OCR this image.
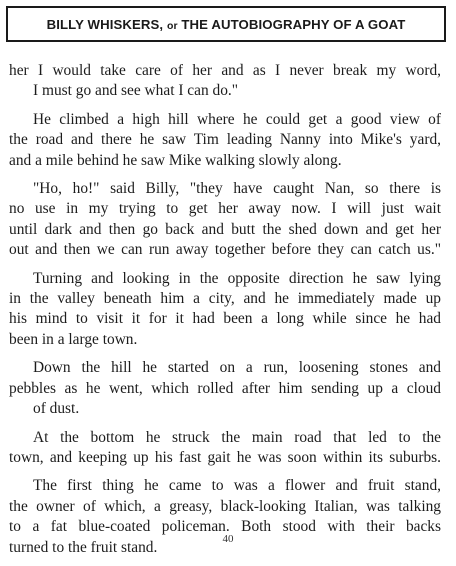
BILLY WHISKERS, or THE AUTOBIOGRAPHY OF A GOAT
her I would take care of her and as I never break my word,
I must go and see what I can do."
He climbed a high hill where he could get a good view of
the road and there he saw Tim leading Nanny into Mike's yard,
and a mile behind he saw Mike walking slowly along.
"Ho, ho!" said Billy, "they have caught Nan, so there is
no use in my trying to get her away now. I will just wait
until dark and then go back and butt the shed down and get her
out and then we can run away together before they can catch us."
Turning and looking in the opposite direction he saw lying
in the valley beneath him a city, and he immediately made up
his mind to visit it for it had been a long while since he had
been in a large town.
Down the hill he started on a run, loosening stones and
pebbles as he went, which rolled after him sending up a cloud
of dust.
At the bottom he struck the main road that led to the
town, and keeping up his fast gait he was soon within its suburbs.
The first thing he came to was a flower and fruit stand,
the owner of which, a greasy, black-looking Italian, was talking
to a fat blue-coated policeman. Both stood with their backs
turned to the fruit stand.	40
